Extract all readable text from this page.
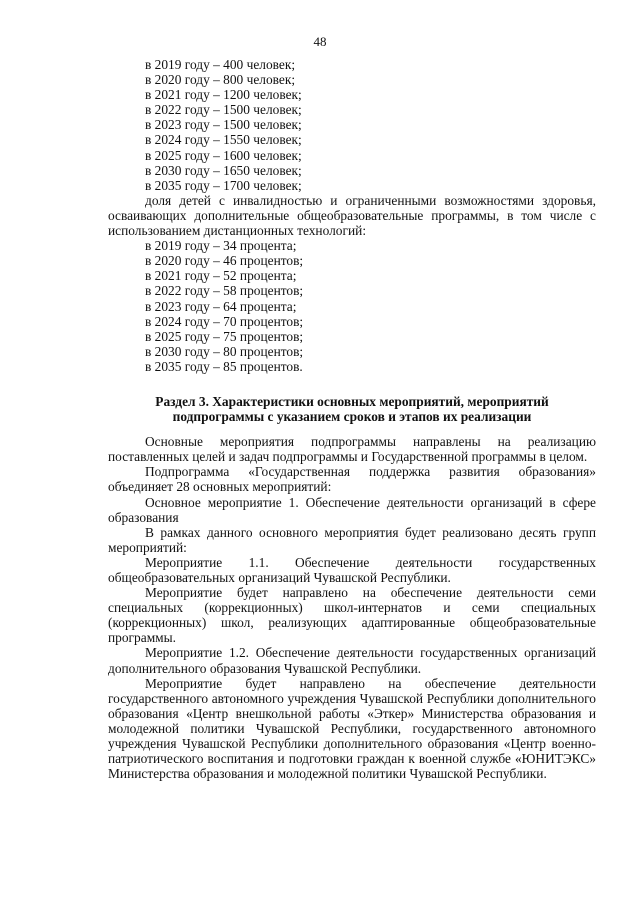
48
в 2019 году – 400 человек;
в 2020 году – 800 человек;
в 2021 году – 1200 человек;
в 2022 году – 1500 человек;
в 2023 году – 1500 человек;
в 2024 году – 1550 человек;
в 2025 году – 1600 человек;
в 2030 году – 1650 человек;
в 2035 году – 1700 человек;

доля детей с инвалидностью и ограниченными возможностями здоровья, осваивающих дополнительные общеобразовательные программы, в том числе с использованием дистанционных технологий:

в 2019 году – 34 процента;
в 2020 году – 46 процентов;
в 2021 году – 52 процента;
в 2022 году – 58 процентов;
в 2023 году – 64 процента;
в 2024 году – 70 процентов;
в 2025 году – 75 процентов;
в 2030 году – 80 процентов;
в 2035 году – 85 процентов.
Раздел 3. Характеристики основных мероприятий, мероприятий
подпрограммы с указанием сроков и этапов их реализации

Основные мероприятия подпрограммы направлены на реализацию поставленных целей и задач подпрограммы и Государственной программы в целом.

Подпрограмма «Государственная поддержка развития образования» объединяет 28 основных мероприятий:

Основное мероприятие 1. Обеспечение деятельности организаций в сфере образования

В рамках данного основного мероприятия будет реализовано десять групп мероприятий:

Мероприятие 1.1. Обеспечение деятельности государственных общеобразовательных организаций Чувашской Республики.

Мероприятие будет направлено на обеспечение деятельности семи специальных (коррекционных) школ-интернатов и семи специальных (коррекционных) школ, реализующих адаптированные общеобразовательные программы.

Мероприятие 1.2. Обеспечение деятельности государственных организаций дополнительного образования Чувашской Республики.

Мероприятие будет направлено на обеспечение деятельности государственного автономного учреждения Чувашской Республики дополнительного образования «Центр внешкольной работы «Эткер» Министерства образования и молодежной политики Чувашской Республики, государственного автономного учреждения Чувашской Республики дополнительного образования «Центр военно-патриотического воспитания и подготовки граждан к военной службе «ЮНИТЭКС» Министерства образования и молодежной политики Чувашской Республики.
